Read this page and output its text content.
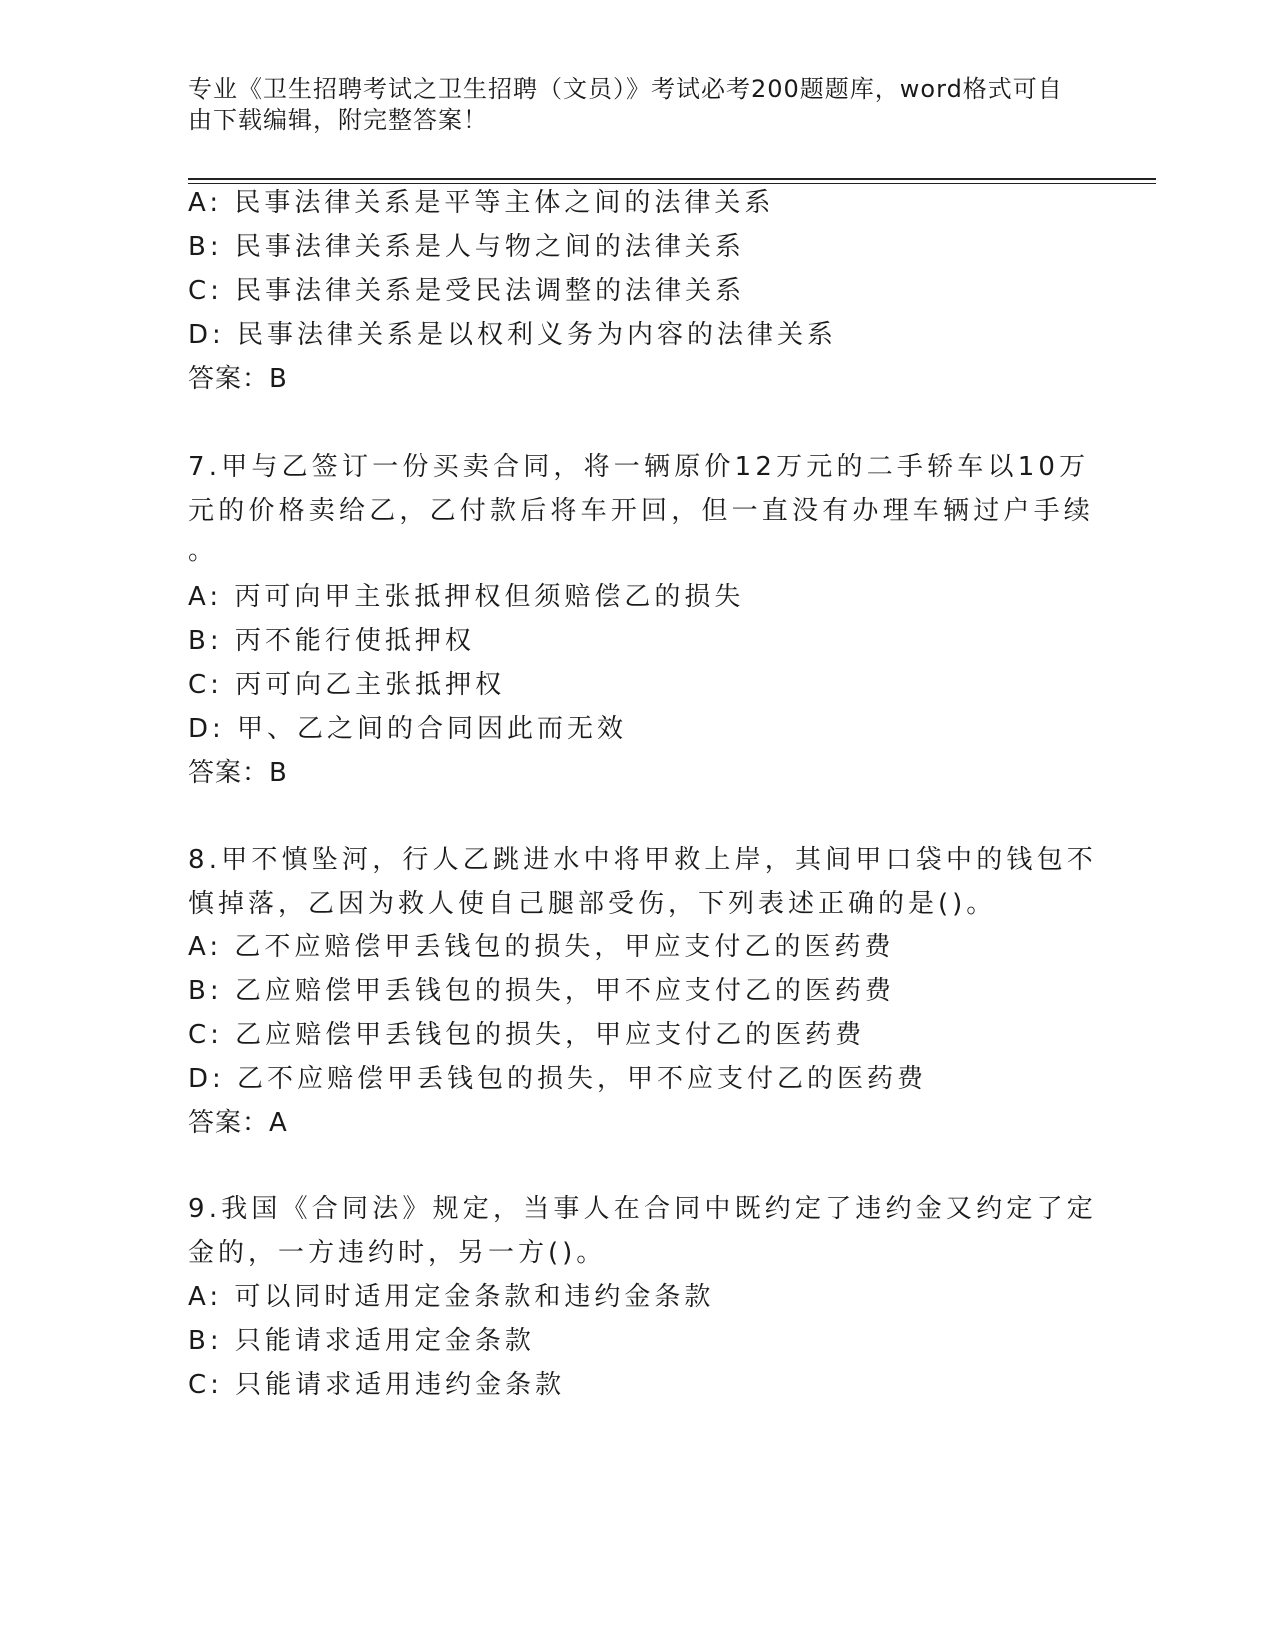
专业《卫生招聘考试之卫生招聘（文员）》考试必考200题题库，word格式可自由下载编辑，附完整答案！

A: 民事法律关系是平等主体之间的法律关系

B: 民事法律关系是人与物之间的法律关系

C: 民事法律关系是受民法调整的法律关系

D: 民事法律关系是以权利义务为内容的法律关系

答案：B

7.甲与乙签订一份买卖合同，将一辆原价12万元的二手轿车以10万

元的价格卖给乙，乙付款后将车开回，但一直没有办理车辆过户手续

。

A: 丙可向甲主张抵押权但须赔偿乙的损失

B: 丙不能行使抵押权

C: 丙可向乙主张抵押权

D: 甲、乙之间的合同因此而无效

答案：B

8.甲不慎坠河，行人乙跳进水中将甲救上岸，其间甲口袋中的钱包不

慎掉落，乙因为救人使自己腿部受伤，下列表述正确的是()。

A: 乙不应赔偿甲丢钱包的损失，甲应支付乙的医药费

B: 乙应赔偿甲丢钱包的损失，甲不应支付乙的医药费

C: 乙应赔偿甲丢钱包的损失，甲应支付乙的医药费

D: 乙不应赔偿甲丢钱包的损失，甲不应支付乙的医药费

答案：A

9.我国《合同法》规定，当事人在合同中既约定了违约金又约定了定

金的，一方违约时，另一方()。

A: 可以同时适用定金条款和违约金条款

B: 只能请求适用定金条款

C: 只能请求适用违约金条款
